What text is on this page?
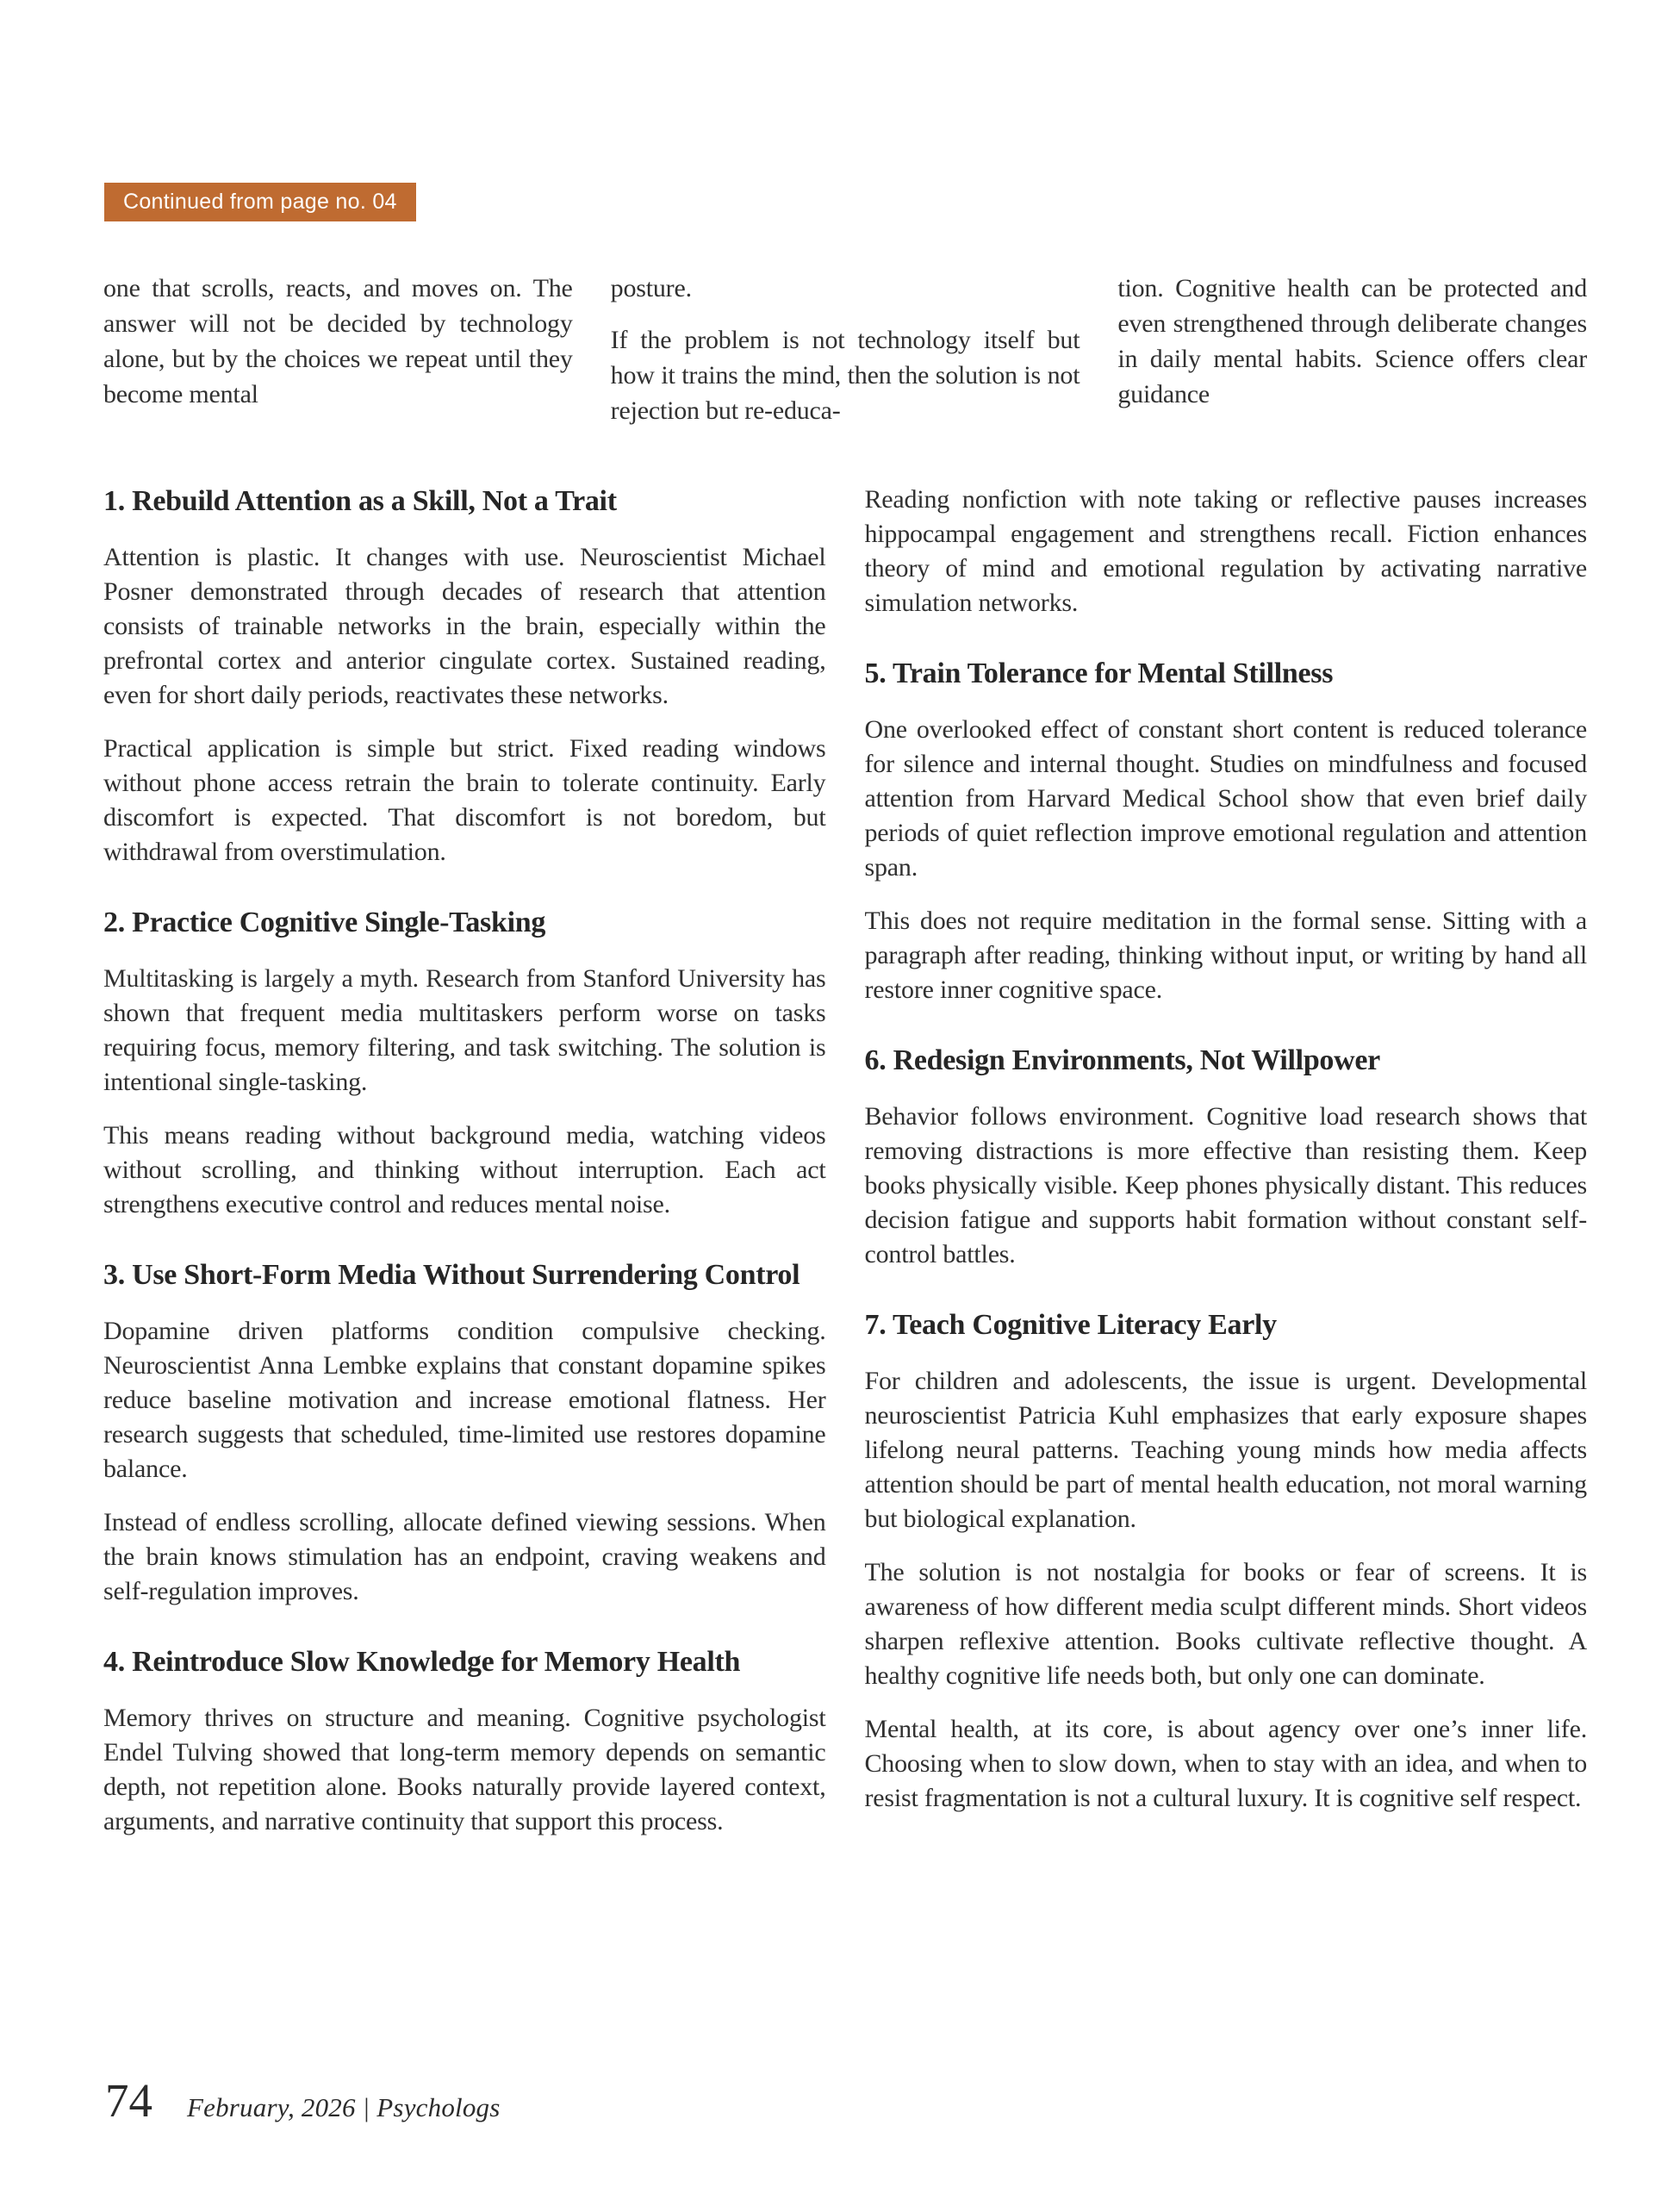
Continued from page no. 04

one that scrolls, reacts, and moves on. The answer will not be decided by technology alone, but by the choices we repeat until they become mental

posture.

If the problem is not technology itself but how it trains the mind, then the solution is not rejection but re-educa-

tion. Cognitive health can be protected and even strengthened through deliberate changes in daily mental habits. Science offers clear guidance

1. Rebuild Attention as a Skill, Not a Trait

Attention is plastic. It changes with use. Neuroscientist Michael Posner demonstrated through decades of research that attention consists of trainable networks in the brain, especially within the prefrontal cortex and anterior cingulate cortex. Sustained reading, even for short daily periods, reactivates these networks.

Practical application is simple but strict. Fixed reading windows without phone access retrain the brain to tolerate continuity. Early discomfort is expected. That discomfort is not boredom, but withdrawal from overstimulation.

2. Practice Cognitive Single-Tasking

Multitasking is largely a myth. Research from Stanford University has shown that frequent media multitaskers perform worse on tasks requiring focus, memory filtering, and task switching. The solution is intentional single-tasking.

This means reading without background media, watching videos without scrolling, and thinking without interruption. Each act strengthens executive control and reduces mental noise.

3. Use Short-Form Media Without Surrendering Control

Dopamine driven platforms condition compulsive checking. Neuroscientist Anna Lembke explains that constant dopamine spikes reduce baseline motivation and increase emotional flatness. Her research suggests that scheduled, time-limited use restores dopamine balance.

Instead of endless scrolling, allocate defined viewing sessions. When the brain knows stimulation has an endpoint, craving weakens and self-regulation improves.

4. Reintroduce Slow Knowledge for Memory Health

Memory thrives on structure and meaning. Cognitive psychologist Endel Tulving showed that long-term memory depends on semantic depth, not repetition alone. Books naturally provide layered context, arguments, and narrative continuity that support this process.

Reading nonfiction with note taking or reflective pauses increases hippocampal engagement and strengthens recall. Fiction enhances theory of mind and emotional regulation by activating narrative simulation networks.

5. Train Tolerance for Mental Stillness

One overlooked effect of constant short content is reduced tolerance for silence and internal thought. Studies on mindfulness and focused attention from Harvard Medical School show that even brief daily periods of quiet reflection improve emotional regulation and attention span.

This does not require meditation in the formal sense. Sitting with a paragraph after reading, thinking without input, or writing by hand all restore inner cognitive space.

6. Redesign Environments, Not Willpower

Behavior follows environment. Cognitive load research shows that removing distractions is more effective than resisting them. Keep books physically visible. Keep phones physically distant. This reduces decision fatigue and supports habit formation without constant self-control battles.

7. Teach Cognitive Literacy Early

For children and adolescents, the issue is urgent. Developmental neuroscientist Patricia Kuhl emphasizes that early exposure shapes lifelong neural patterns. Teaching young minds how media affects attention should be part of mental health education, not moral warning but biological explanation.

The solution is not nostalgia for books or fear of screens. It is awareness of how different media sculpt different minds. Short videos sharpen reflexive attention. Books cultivate reflective thought. A healthy cognitive life needs both, but only one can dominate.

Mental health, at its core, is about agency over one’s inner life. Choosing when to slow down, when to stay with an idea, and when to resist fragmentation is not a cultural luxury. It is cognitive self respect.

74 February, 2026 | Psychologs
